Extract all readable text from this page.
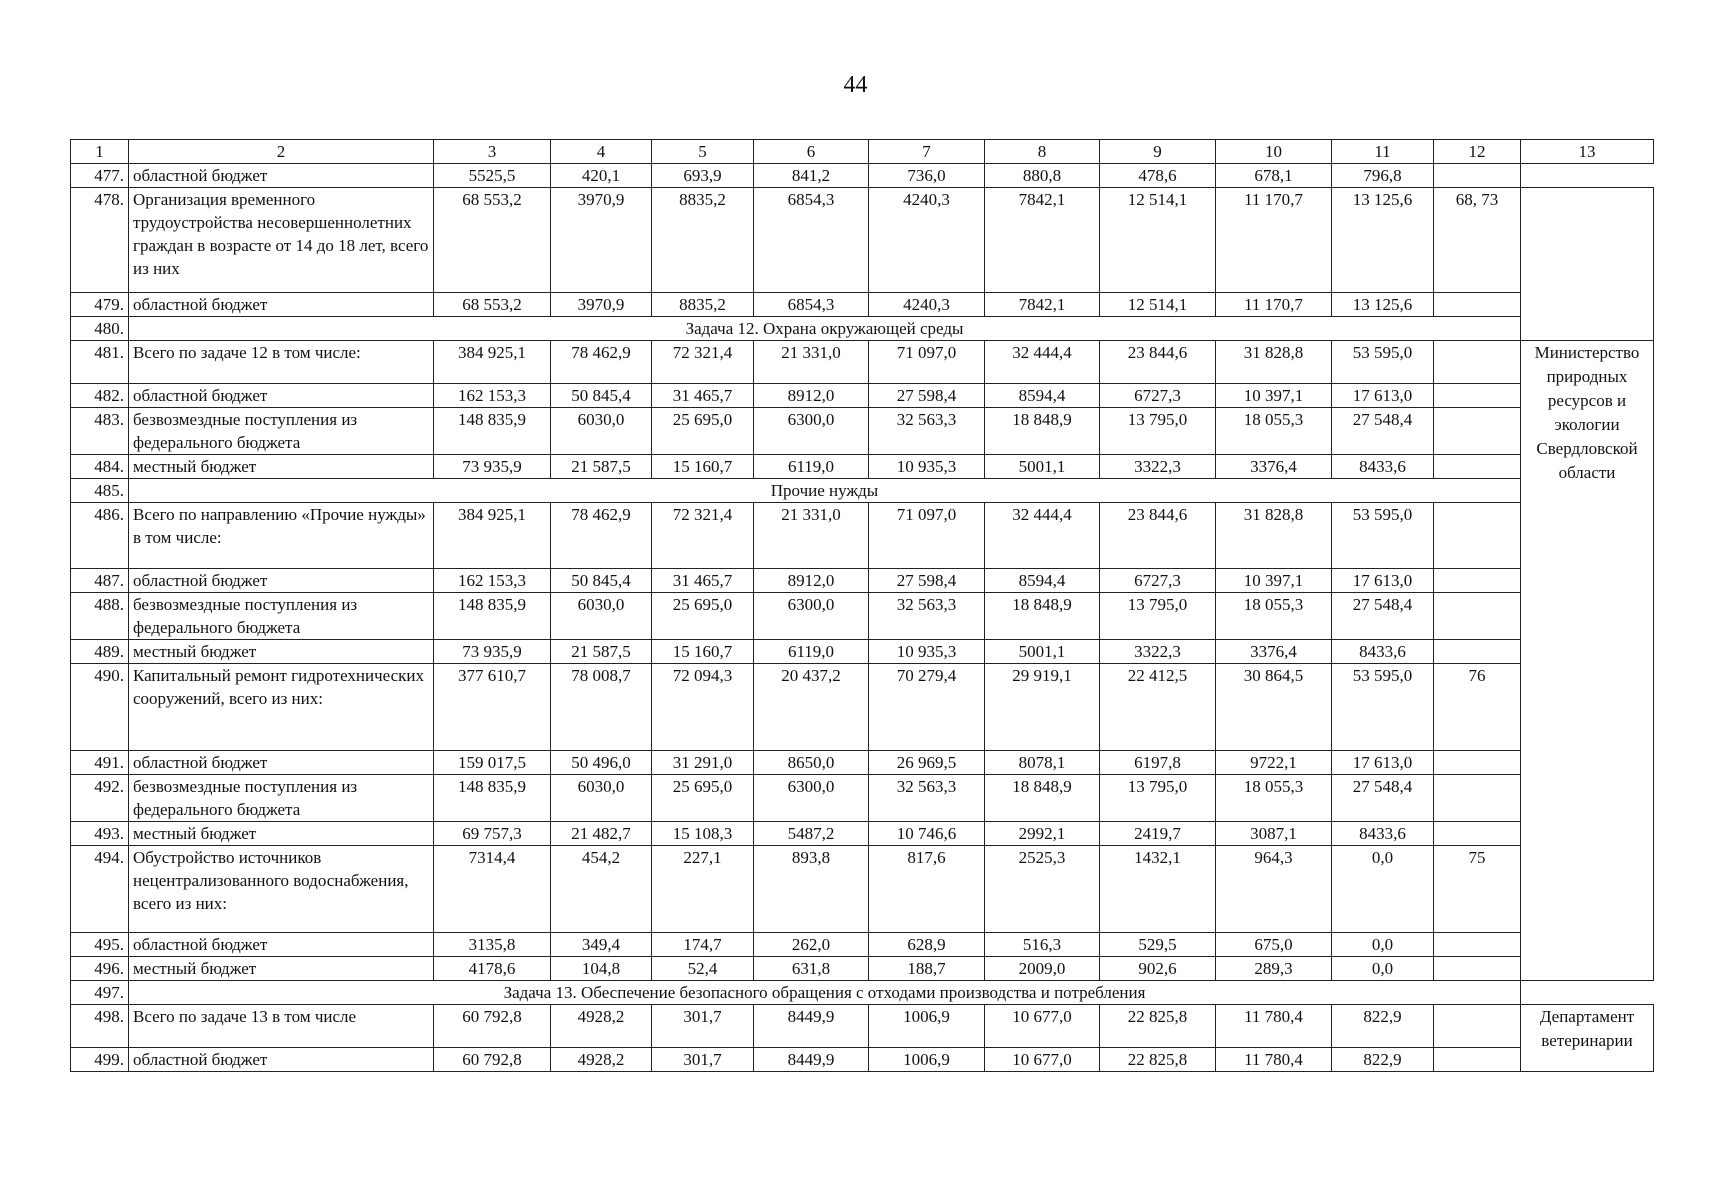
44
1	2	3	4	5	6	7	8	9	10	11	12	13
477.	областной бюджет	5525,5	420,1	693,9	841,2	736,0	880,8	478,6	678,1	796,8		
478.	Организация временного трудоустройства несовершеннолетних граждан в возрасте от 14 до 18 лет, всего из них	68 553,2	3970,9	8835,2	6854,3	4240,3	7842,1	12 514,1	11 170,7	13 125,6	68, 73	
479.	областной бюджет	68 553,2	3970,9	8835,2	6854,3	4240,3	7842,1	12 514,1	11 170,7	13 125,6		
480.	Задача 12. Охрана окружающей среды											
481.	Всего по задаче 12 в том числе:	384 925,1	78 462,9	72 321,4	21 331,0	71 097,0	32 444,4	23 844,6	31 828,8	53 595,0		Министерство природных ресурсов и экологии Свердловской области
482.	областной бюджет	162 153,3	50 845,4	31 465,7	8912,0	27 598,4	8594,4	6727,3	10 397,1	17 613,0		
483.	безвозмездные поступления из федерального бюджета	148 835,9	6030,0	25 695,0	6300,0	32 563,3	18 848,9	13 795,0	18 055,3	27 548,4		
484.	местный бюджет	73 935,9	21 587,5	15 160,7	6119,0	10 935,3	5001,1	3322,3	3376,4	8433,6		
485.	Прочие нужды											
486.	Всего по направлению «Прочие нужды» в том числе:	384 925,1	78 462,9	72 321,4	21 331,0	71 097,0	32 444,4	23 844,6	31 828,8	53 595,0		
487.	областной бюджет	162 153,3	50 845,4	31 465,7	8912,0	27 598,4	8594,4	6727,3	10 397,1	17 613,0		
488.	безвозмездные поступления из федерального бюджета	148 835,9	6030,0	25 695,0	6300,0	32 563,3	18 848,9	13 795,0	18 055,3	27 548,4		
489.	местный бюджет	73 935,9	21 587,5	15 160,7	6119,0	10 935,3	5001,1	3322,3	3376,4	8433,6		
490.	Капитальный ремонт гидротехнических сооружений, всего из них:	377 610,7	78 008,7	72 094,3	20 437,2	70 279,4	29 919,1	22 412,5	30 864,5	53 595,0	76	
491.	областной бюджет	159 017,5	50 496,0	31 291,0	8650,0	26 969,5	8078,1	6197,8	9722,1	17 613,0		
492.	безвозмездные поступления из федерального бюджета	148 835,9	6030,0	25 695,0	6300,0	32 563,3	18 848,9	13 795,0	18 055,3	27 548,4		
493.	местный бюджет	69 757,3	21 482,7	15 108,3	5487,2	10 746,6	2992,1	2419,7	3087,1	8433,6		
494.	Обустройство источников нецентрализованного водоснабжения, всего из них:	7314,4	454,2	227,1	893,8	817,6	2525,3	1432,1	964,3	0,0	75	
495.	областной бюджет	3135,8	349,4	174,7	262,0	628,9	516,3	529,5	675,0	0,0		
496.	местный бюджет	4178,6	104,8	52,4	631,8	188,7	2009,0	902,6	289,3	0,0		
497.	Задача 13. Обеспечение безопасного обращения с отходами производства и потребления											
498.	Всего по задаче 13 в том числе	60 792,8	4928,2	301,7	8449,9	1006,9	10 677,0	22 825,8	11 780,4	822,9		Департамент ветеринарии
499.	областной бюджет	60 792,8	4928,2	301,7	8449,9	1006,9	10 677,0	22 825,8	11 780,4	822,9		
